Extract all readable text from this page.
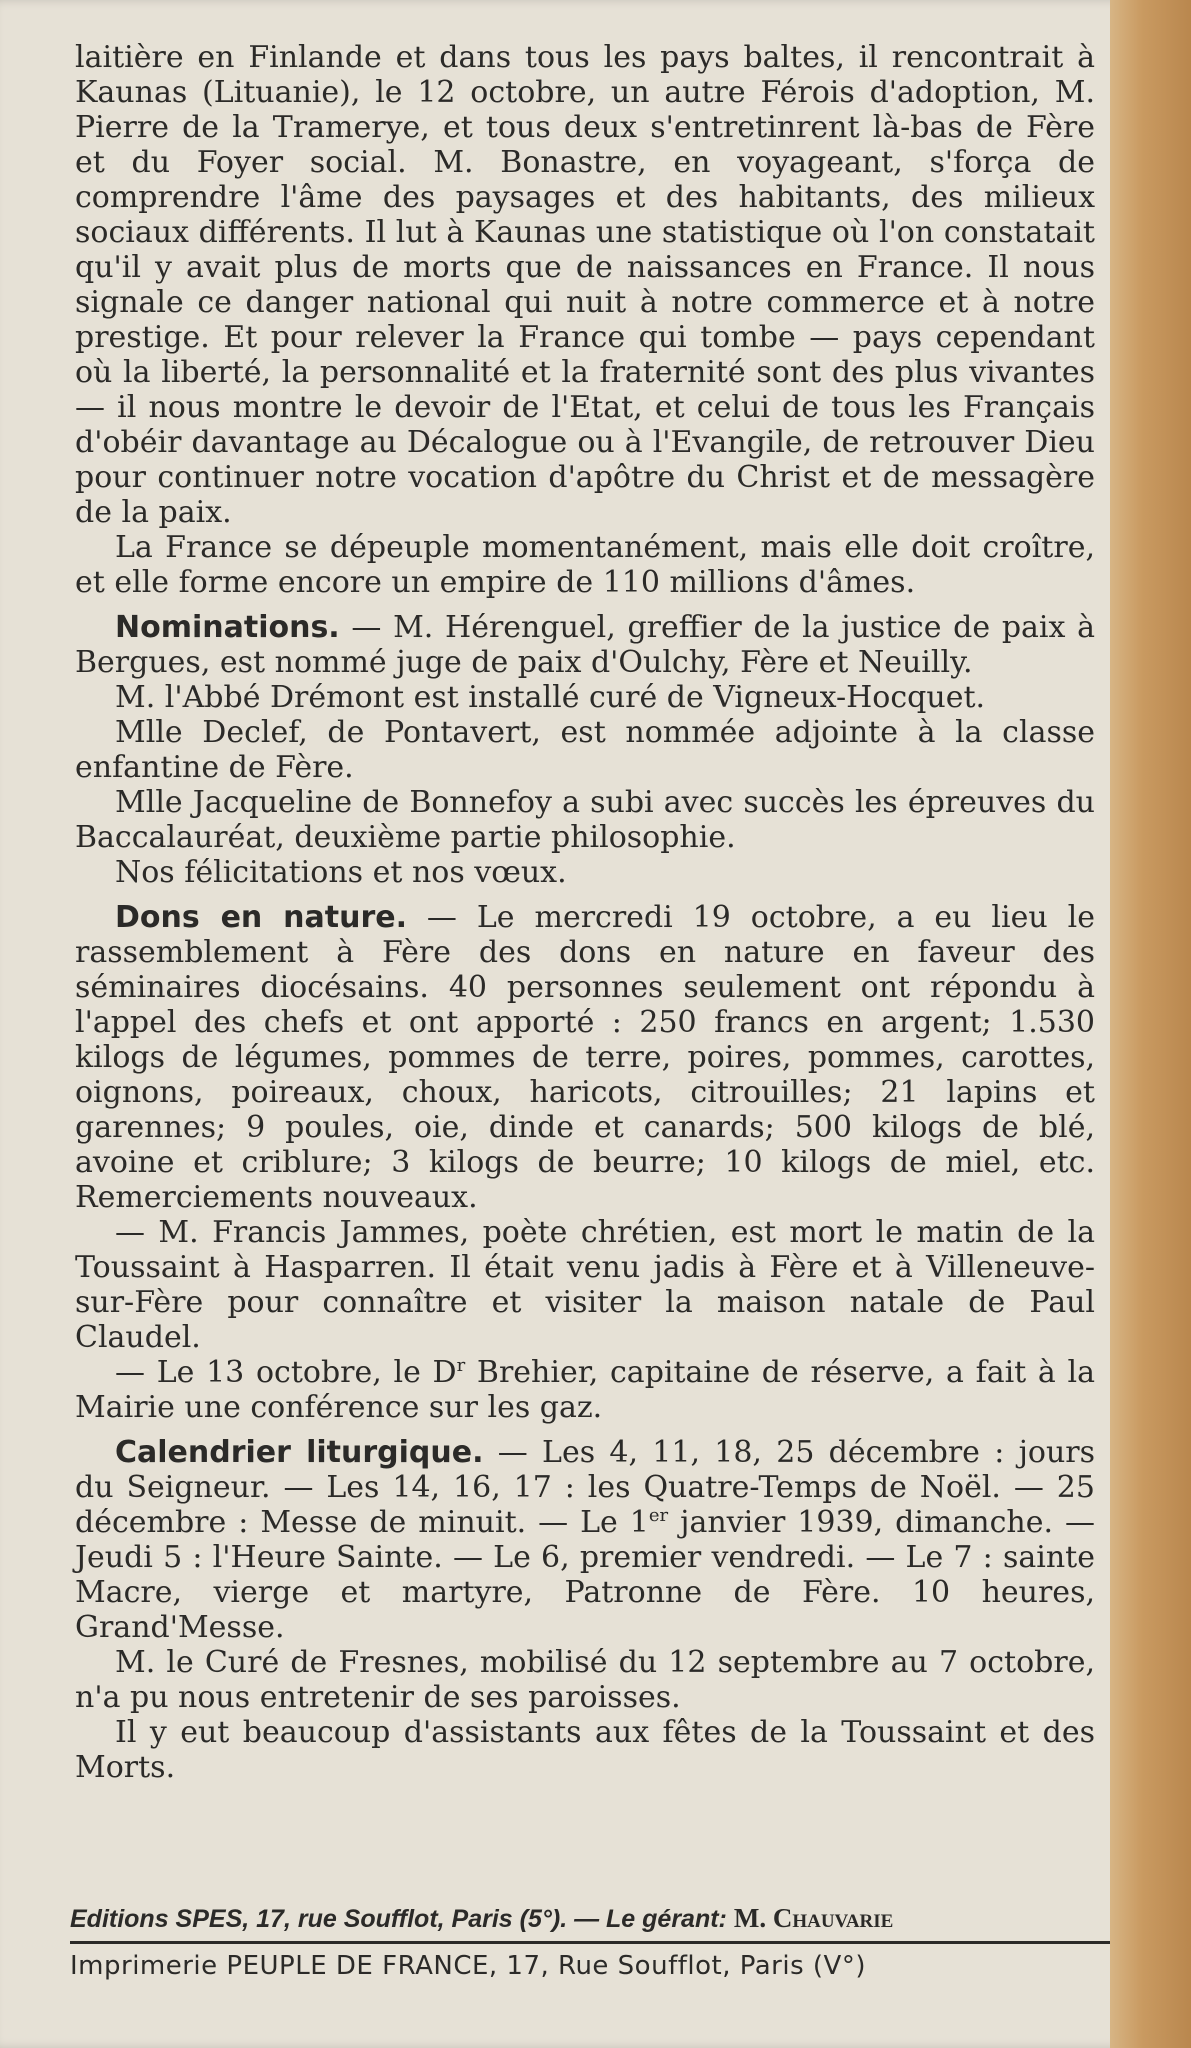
laitière en Finlande et dans tous les pays baltes, il rencontrait à Kaunas (Lituanie), le 12 octobre, un autre Férois d'adoption, M. Pierre de la Tramerye, et tous deux s'entretinrent là-bas de Fère et du Foyer social. M. Bonastre, en voyageant, s'força de comprendre l'âme des paysages et des habitants, des milieux sociaux différents. Il lut à Kaunas une statistique où l'on constatait qu'il y avait plus de morts que de naissances en France. Il nous signale ce danger national qui nuit à notre commerce et à notre prestige. Et pour relever la France qui tombe — pays cependant où la liberté, la personnalité et la fraternité sont des plus vivantes — il nous montre le devoir de l'Etat, et celui de tous les Français d'obéir davantage au Décalogue ou à l'Evangile, de retrouver Dieu pour continuer notre vocation d'apôtre du Christ et de messagère de la paix.

La France se dépeuple momentanément, mais elle doit croître, et elle forme encore un empire de 110 millions d'âmes.

Nominations. — M. Hérenguel, greffier de la justice de paix à Bergues, est nommé juge de paix d'Oulchy, Fère et Neuilly.

M. l'Abbé Drémont est installé curé de Vigneux-Hocquet.

Mlle Declef, de Pontavert, est nommée adjointe à la classe enfantine de Fère.

Mlle Jacqueline de Bonnefoy a subi avec succès les épreuves du Baccalauréat, deuxième partie philosophie.

Nos félicitations et nos vœux.

Dons en nature. — Le mercredi 19 octobre, a eu lieu le rassemblement à Fère des dons en nature en faveur des séminaires diocésains. 40 personnes seulement ont répondu à l'appel des chefs et ont apporté : 250 francs en argent; 1.530 kilogs de légumes, pommes de terre, poires, pommes, carottes, oignons, poireaux, choux, haricots, citrouilles; 21 lapins et garennes; 9 poules, oie, dinde et canards; 500 kilogs de blé, avoine et criblure; 3 kilogs de beurre; 10 kilogs de miel, etc. Remerciements nouveaux.

— M. Francis Jammes, poète chrétien, est mort le matin de la Toussaint à Hasparren. Il était venu jadis à Fère et à Villeneuve-sur-Fère pour connaître et visiter la maison natale de Paul Claudel.

— Le 13 octobre, le $D^r$ Brehier, capitaine de réserve, a fait à la Mairie une conférence sur les gaz.

Calendrier liturgique. — Les 4, 11, 18, 25 décembre : jours du Seigneur. — Les 14, 16, 17 : les Quatre-Temps de Noël. — 25 décembre : Messe de minuit. — Le 1er janvier 1939, dimanche. — Jeudi 5 : l'Heure Sainte. — Le 6, premier vendredi. — Le 7 : sainte Macre, vierge et martyre, Patronne de Fère. 10 heures, Grand'Messe.

M. le Curé de Fresnes, mobilisé du 12 septembre au 7 octobre, n'a pu nous entretenir de ses paroisses.

Il y eut beaucoup d'assistants aux fêtes de la Toussaint et des Morts.

Editions SPES, 17, rue Soufflot, Paris (5°). — Le gérant: M. Chauvarie
Imprimerie PEUPLE DE FRANCE, 17, Rue Soufflot, Paris (V°)
